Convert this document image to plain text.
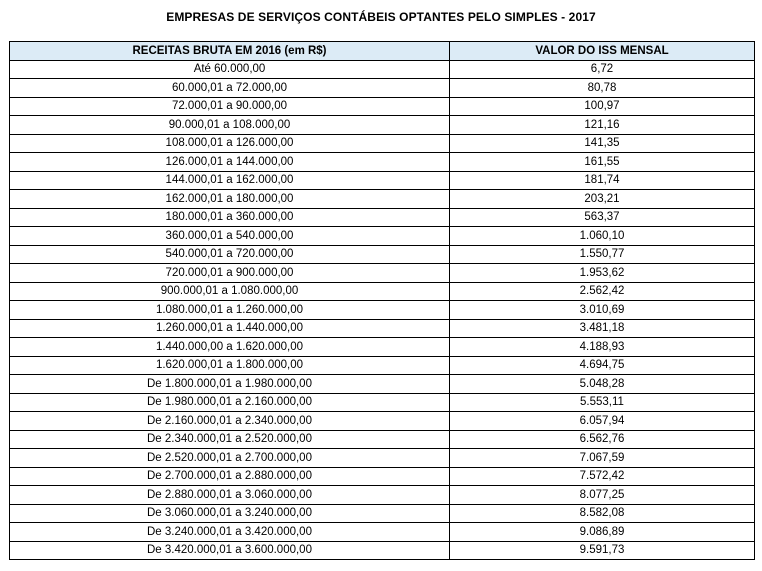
EMPRESAS DE SERVIÇOS CONTÁBEIS OPTANTES PELO SIMPLES - 2017
RECEITAS BRUTA EM 2016 (em R$)	VALOR DO ISS MENSAL
Até 60.000,00	6,72
60.000,01 a 72.000,00	80,78
72.000,01 a 90.000,00	100,97
90.000,01 a 108.000,00	121,16
108.000,01 a 126.000,00	141,35
126.000,01 a 144.000,00	161,55
144.000,01 a 162.000,00	181,74
162.000,01 a 180.000,00	203,21
180.000,01 a 360.000,00	563,37
360.000,01 a 540.000,00	1.060,10
540.000,01 a 720.000,00	1.550,77
720.000,01 a 900.000,00	1.953,62
900.000,01 a 1.080.000,00	2.562,42
1.080.000,01 a 1.260.000,00	3.010,69
1.260.000,01 a 1.440.000,00	3.481,18
1.440.000,00 a 1.620.000,00	4.188,93
1.620.000,01 a 1.800.000,00	4.694,75
De 1.800.000,01 a 1.980.000,00	5.048,28
De 1.980.000,01 a 2.160.000,00	5.553,11
De 2.160.000,01 a 2.340.000,00	6.057,94
De 2.340.000,01 a 2.520.000,00	6.562,76
De 2.520.000,01 a 2.700.000,00	7.067,59
De 2.700.000,01 a 2.880.000,00	7.572,42
De 2.880.000,01 a 3.060.000,00	8.077,25
De 3.060.000,01 a 3.240.000,00	8.582,08
De 3.240.000,01 a 3.420.000,00	9.086,89
De 3.420.000,01 a 3.600.000,00	9.591,73
